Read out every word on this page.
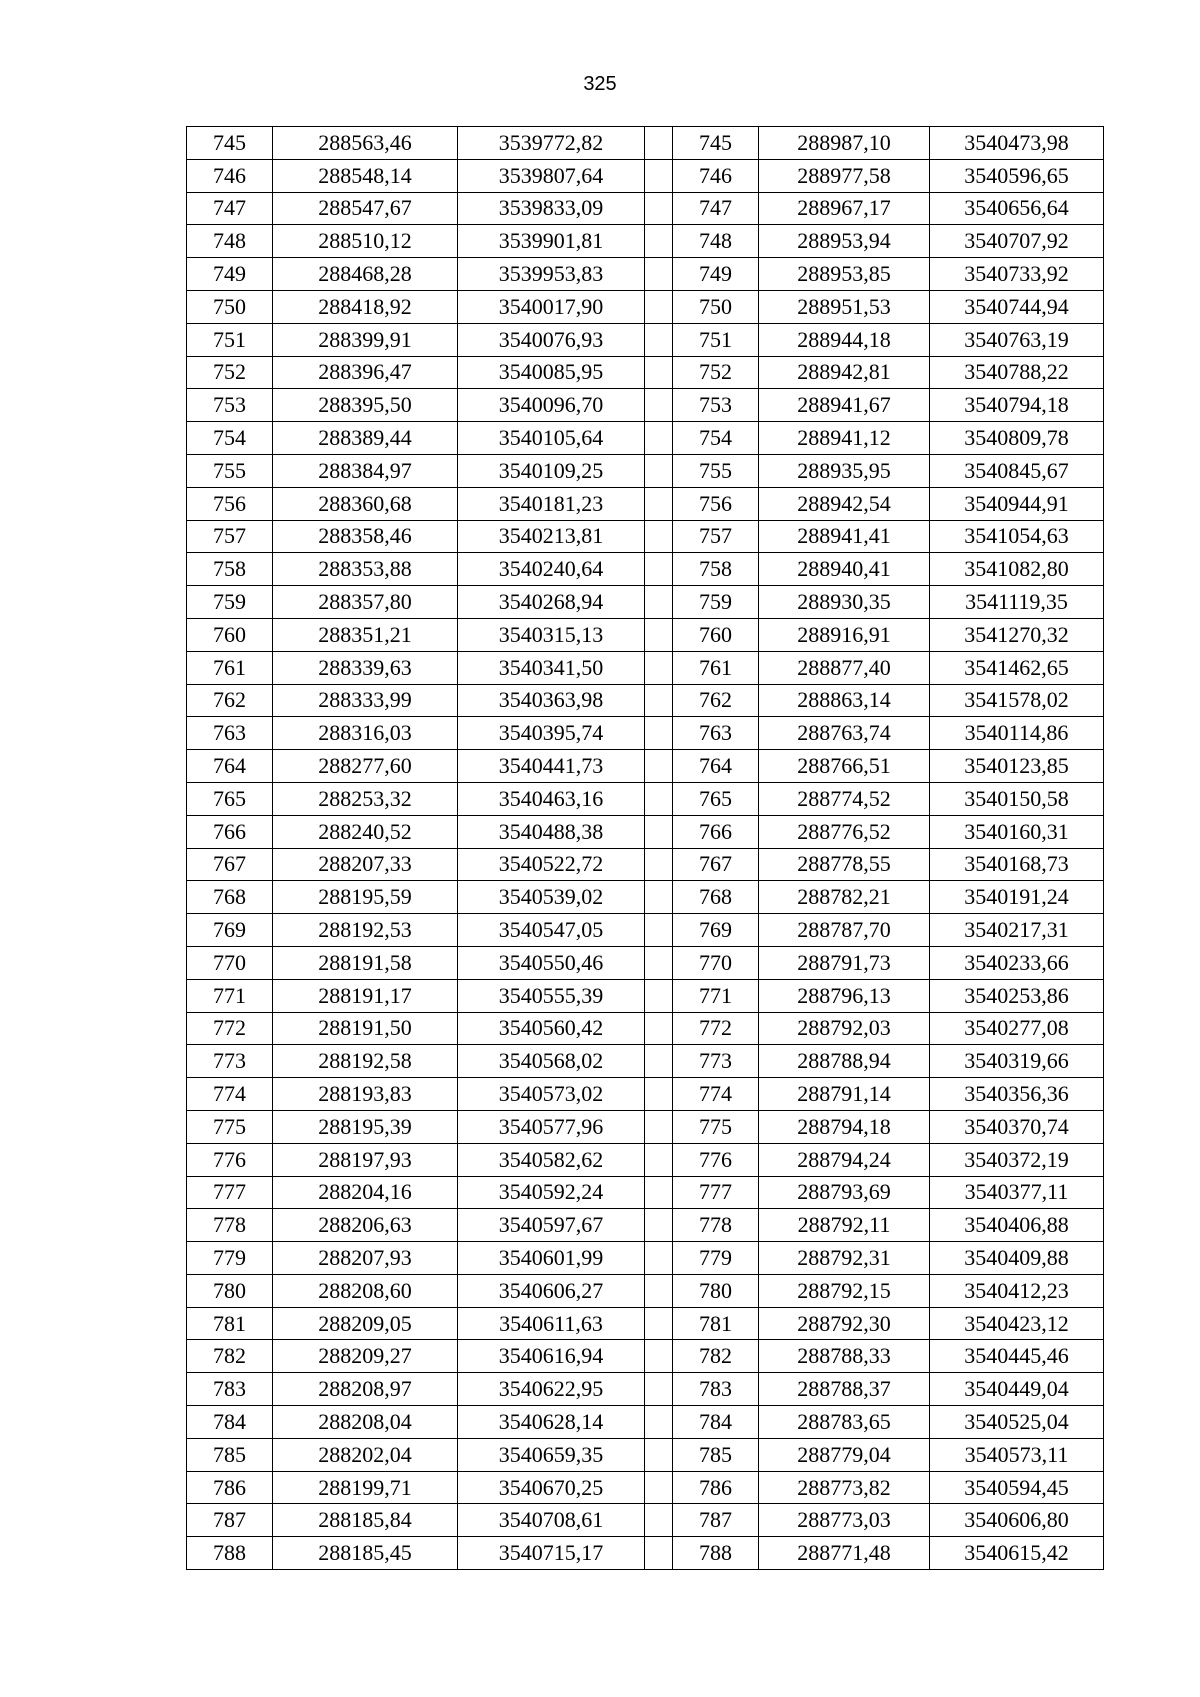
325
745	288563,46	3539772,82		745	288987,10	3540473,98
746	288548,14	3539807,64		746	288977,58	3540596,65
747	288547,67	3539833,09		747	288967,17	3540656,64
748	288510,12	3539901,81		748	288953,94	3540707,92
749	288468,28	3539953,83		749	288953,85	3540733,92
750	288418,92	3540017,90		750	288951,53	3540744,94
751	288399,91	3540076,93		751	288944,18	3540763,19
752	288396,47	3540085,95		752	288942,81	3540788,22
753	288395,50	3540096,70		753	288941,67	3540794,18
754	288389,44	3540105,64		754	288941,12	3540809,78
755	288384,97	3540109,25		755	288935,95	3540845,67
756	288360,68	3540181,23		756	288942,54	3540944,91
757	288358,46	3540213,81		757	288941,41	3541054,63
758	288353,88	3540240,64		758	288940,41	3541082,80
759	288357,80	3540268,94		759	288930,35	3541119,35
760	288351,21	3540315,13		760	288916,91	3541270,32
761	288339,63	3540341,50		761	288877,40	3541462,65
762	288333,99	3540363,98		762	288863,14	3541578,02
763	288316,03	3540395,74		763	288763,74	3540114,86
764	288277,60	3540441,73		764	288766,51	3540123,85
765	288253,32	3540463,16		765	288774,52	3540150,58
766	288240,52	3540488,38		766	288776,52	3540160,31
767	288207,33	3540522,72		767	288778,55	3540168,73
768	288195,59	3540539,02		768	288782,21	3540191,24
769	288192,53	3540547,05		769	288787,70	3540217,31
770	288191,58	3540550,46		770	288791,73	3540233,66
771	288191,17	3540555,39		771	288796,13	3540253,86
772	288191,50	3540560,42		772	288792,03	3540277,08
773	288192,58	3540568,02		773	288788,94	3540319,66
774	288193,83	3540573,02		774	288791,14	3540356,36
775	288195,39	3540577,96		775	288794,18	3540370,74
776	288197,93	3540582,62		776	288794,24	3540372,19
777	288204,16	3540592,24		777	288793,69	3540377,11
778	288206,63	3540597,67		778	288792,11	3540406,88
779	288207,93	3540601,99		779	288792,31	3540409,88
780	288208,60	3540606,27		780	288792,15	3540412,23
781	288209,05	3540611,63		781	288792,30	3540423,12
782	288209,27	3540616,94		782	288788,33	3540445,46
783	288208,97	3540622,95		783	288788,37	3540449,04
784	288208,04	3540628,14		784	288783,65	3540525,04
785	288202,04	3540659,35		785	288779,04	3540573,11
786	288199,71	3540670,25		786	288773,82	3540594,45
787	288185,84	3540708,61		787	288773,03	3540606,80
788	288185,45	3540715,17		788	288771,48	3540615,42
